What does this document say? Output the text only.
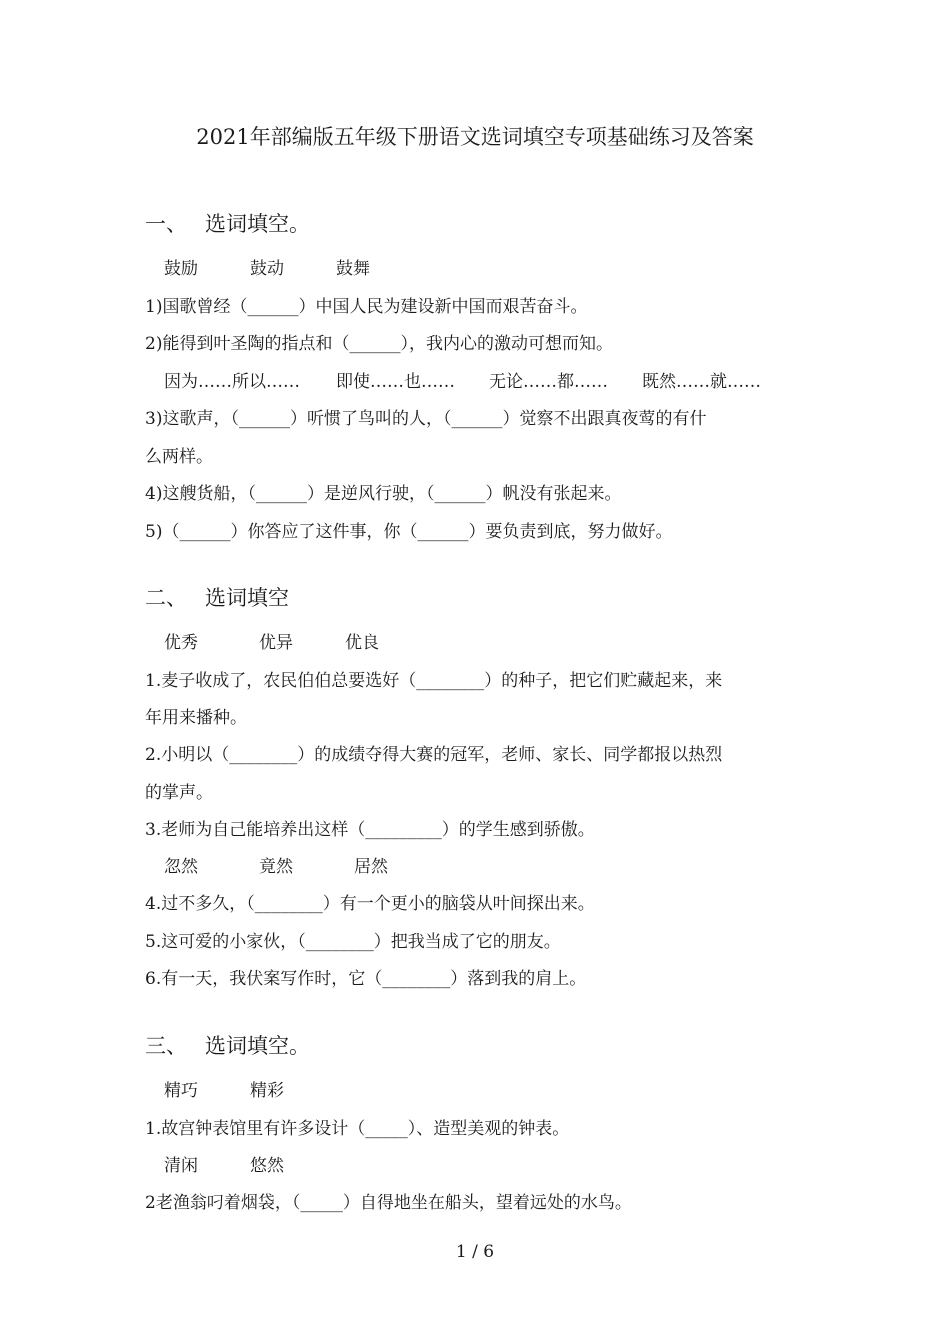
2021年部编版五年级下册语文选词填空专项基础练习及答案
一、 选词填空。
鼓励	鼓动	鼓舞
1)国歌曾经（______）中国人民为建设新中国而艰苦奋斗。
2)能得到叶圣陶的指点和（______），我内心的激动可想而知。
因为……所以…… 即使……也…… 无论……都…… 既然……就……
3)这歌声，（______）听惯了鸟叫的人，（______）觉察不出跟真夜莺的有什
么两样。
4)这艘货船，（______）是逆风行驶，（______）帆没有张起来。
5)（______）你答应了这件事，你（______）要负责到底，努力做好。
二、 选词填空
优秀	优异	优良
1.麦子收成了，农民伯伯总要选好（________）的种子，把它们贮藏起来，来
年用来播种。
2.小明以（________）的成绩夺得大赛的冠军，老师、家长、同学都报以热烈
的掌声。
3.老师为自己能培养出这样（_________）的学生感到骄傲。
忽然	竟然	居然
4.过不多久，（________）有一个更小的脑袋从叶间探出来。
5.这可爱的小家伙，（________）把我当成了它的朋友。
6.有一天，我伏案写作时，它（________）落到我的肩上。
三、 选词填空。
精巧	精彩
1.故宫钟表馆里有许多设计（_____）、造型美观的钟表。
清闲	悠然
2老渔翁叼着烟袋，（_____）自得地坐在船头，望着远处的水鸟。
1 / 6
